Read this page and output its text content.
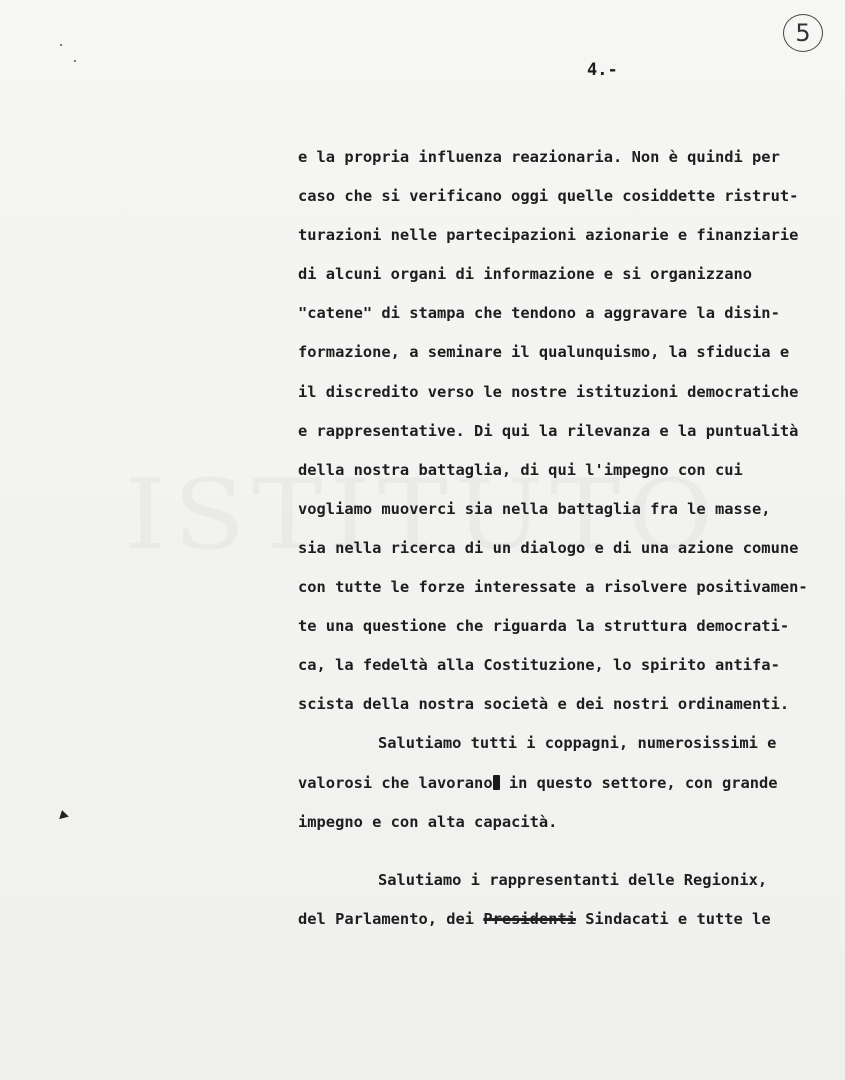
5
4.-
e la propria influenza reazionaria. Non è quindi per
caso che si verificano oggi quelle cosiddette ristrut-
turazioni nelle partecipazioni azionarie e finanziarie
di alcuni organi di informazione e si organizzano
"catene" di stampa che tendono a aggravare la disin-
formazione, a seminare il qualunquismo, la sfiducia e
il discredito verso le nostre istituzioni democratiche
e rappresentative. Di qui la rilevanza e la puntualità
della nostra battaglia, di qui l'impegno con cui
vogliamo muoverci sia nella battaglia fra le masse,
sia nella ricerca di un dialogo e di una azione comune
con tutte le forze interessate a risolvere positivamen-
te una questione che riguarda la struttura democrati-
ca, la fedeltà alla Costituzione, lo spirito antifa-
scista della nostra società e dei nostri ordinamenti.
Salutiamo tutti i coppagni, numerosissimi e
valorosi che lavorano in questo settore, con grande
impegno e con alta capacità.
Salutiamo i rappresentanti delle Regionix,
del Parlamento, dei Presidenti Sindacati e tutte le
